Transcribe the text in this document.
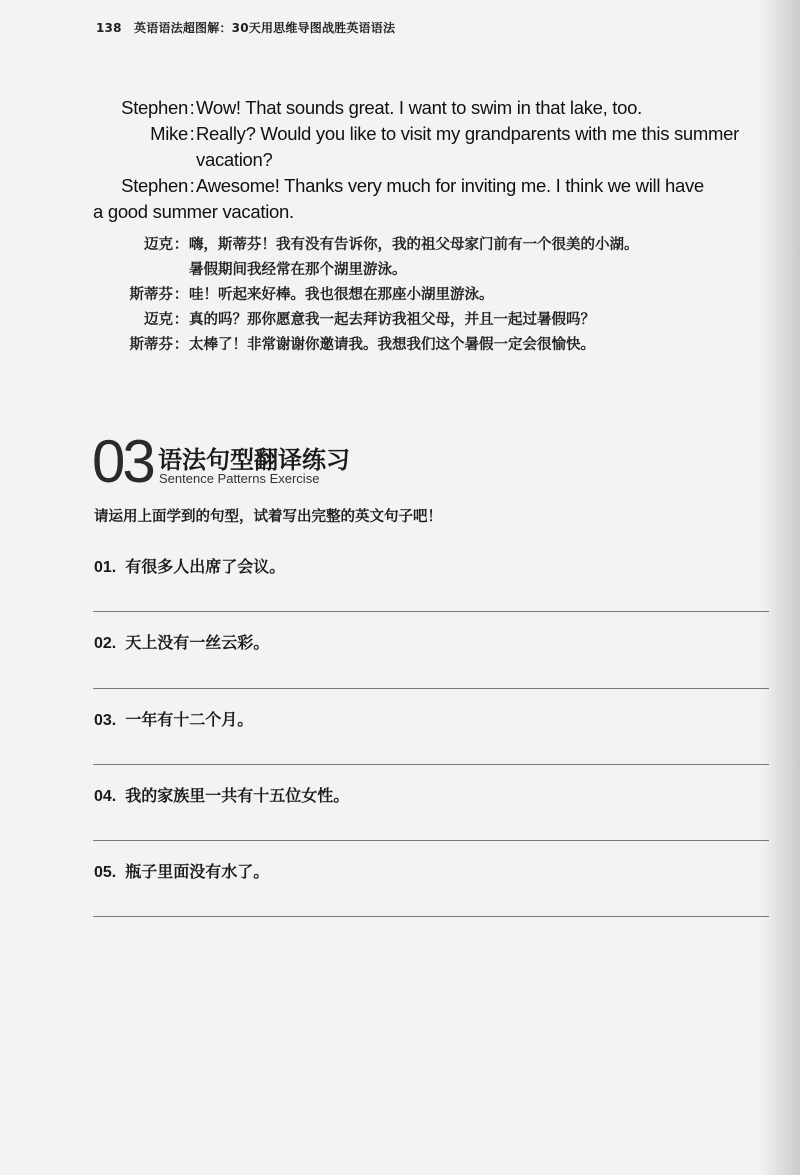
138 英语语法超图解：30天用思维导图战胜英语语法
Stephen : Wow! That sounds great. I want to swim in that lake, too.
Mike : Really? Would you like to visit my grandparents with me this summer
vacation?
Stephen : Awesome! Thanks very much for inviting me. I think we will have
a good summer vacation.
迈克 ： 嗨，斯蒂芬！我有没有告诉你，我的祖父母家门前有一个很美的小湖。
暑假期间我经常在那个湖里游泳。
斯蒂芬 ： 哇！听起来好棒。我也很想在那座小湖里游泳。
迈克 ： 真的吗？那你愿意我一起去拜访我祖父母，并且一起过暑假吗？
斯蒂芬 ： 太棒了！非常谢谢你邀请我。我想我们这个暑假一定会很愉快。
03 语法句型翻译练习
Sentence Patterns Exercise
请运用上面学到的句型，试着写出完整的英文句子吧！
01. 有很多人出席了会议。
02. 天上没有一丝云彩。
03. 一年有十二个月。
04. 我的家族里一共有十五位女性。
05. 瓶子里面没有水了。
